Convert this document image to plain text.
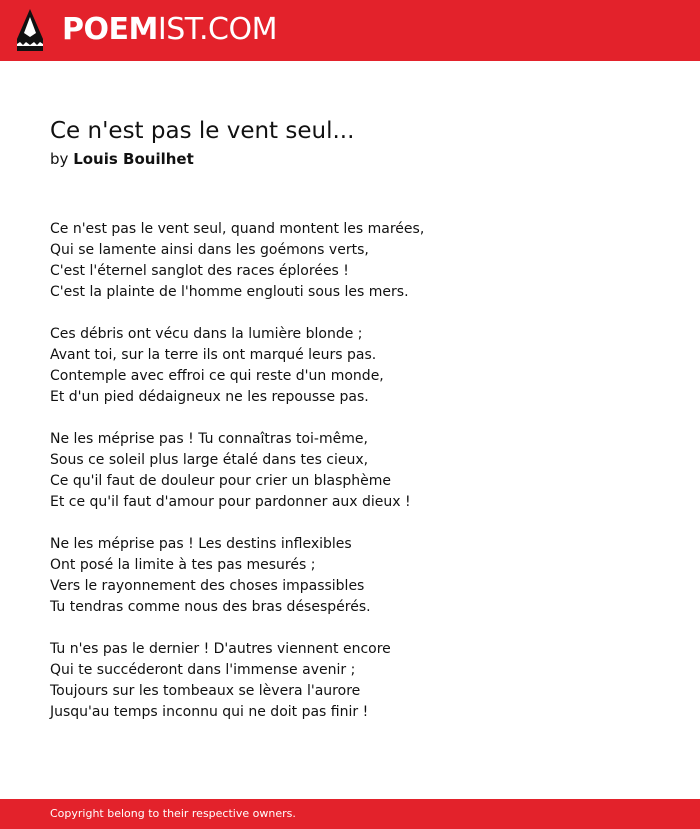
POEMIST.COM
Ce n'est pas le vent seul...
by Louis Bouilhet
Ce n'est pas le vent seul, quand montent les marées,
Qui se lamente ainsi dans les goémons verts,
C'est l'éternel sanglot des races éplorées !
C'est la plainte de l'homme englouti sous les mers.
Ces débris ont vécu dans la lumière blonde ;
Avant toi, sur la terre ils ont marqué leurs pas.
Contemple avec effroi ce qui reste d'un monde,
Et d'un pied dédaigneux ne les repousse pas.
Ne les méprise pas ! Tu connaîtras toi-même,
Sous ce soleil plus large étalé dans tes cieux,
Ce qu'il faut de douleur pour crier un blasphème
Et ce qu'il faut d'amour pour pardonner aux dieux !
Ne les méprise pas ! Les destins inflexibles
Ont posé la limite à tes pas mesurés ;
Vers le rayonnement des choses impassibles
Tu tendras comme nous des bras désespérés.
Tu n'es pas le dernier ! D'autres viennent encore
Qui te succéderont dans l'immense avenir ;
Toujours sur les tombeaux se lèvera l'aurore
Jusqu'au temps inconnu qui ne doit pas finir !
Copyright belong to their respective owners.
